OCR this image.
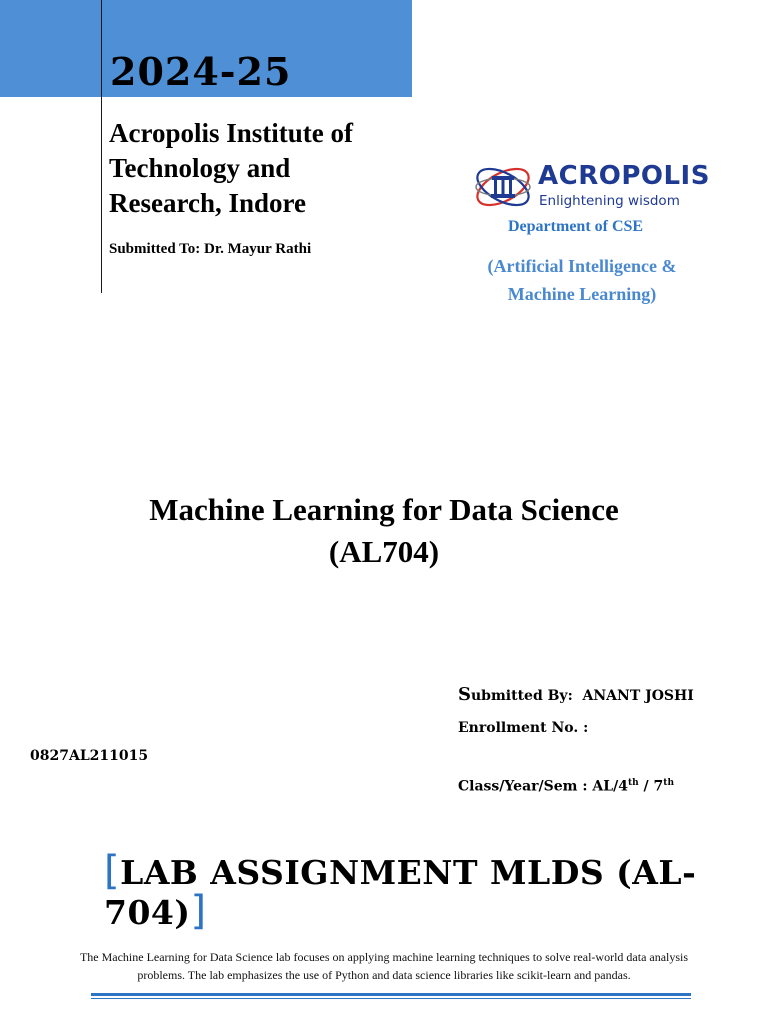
2024-25
Acropolis Institute of Technology and Research, Indore

Submitted To: Dr. Mayur Rathi

ACROPOLIS
Enlightening wisdom

Department of CSE

(Artificial Intelligence & Machine Learning)

Machine Learning for Data Science
(AL704)

Submitted By: ANANT JOSHI

Enrollment No. :

0827AL211015

Class/Year/Sem : AL/4th / 7th

[LAB ASSIGNMENT MLDS (AL-704)]

The Machine Learning for Data Science lab focuses on applying machine learning techniques to solve real-world data analysis problems. The lab emphasizes the use of Python and data science libraries like scikit-learn and pandas.
